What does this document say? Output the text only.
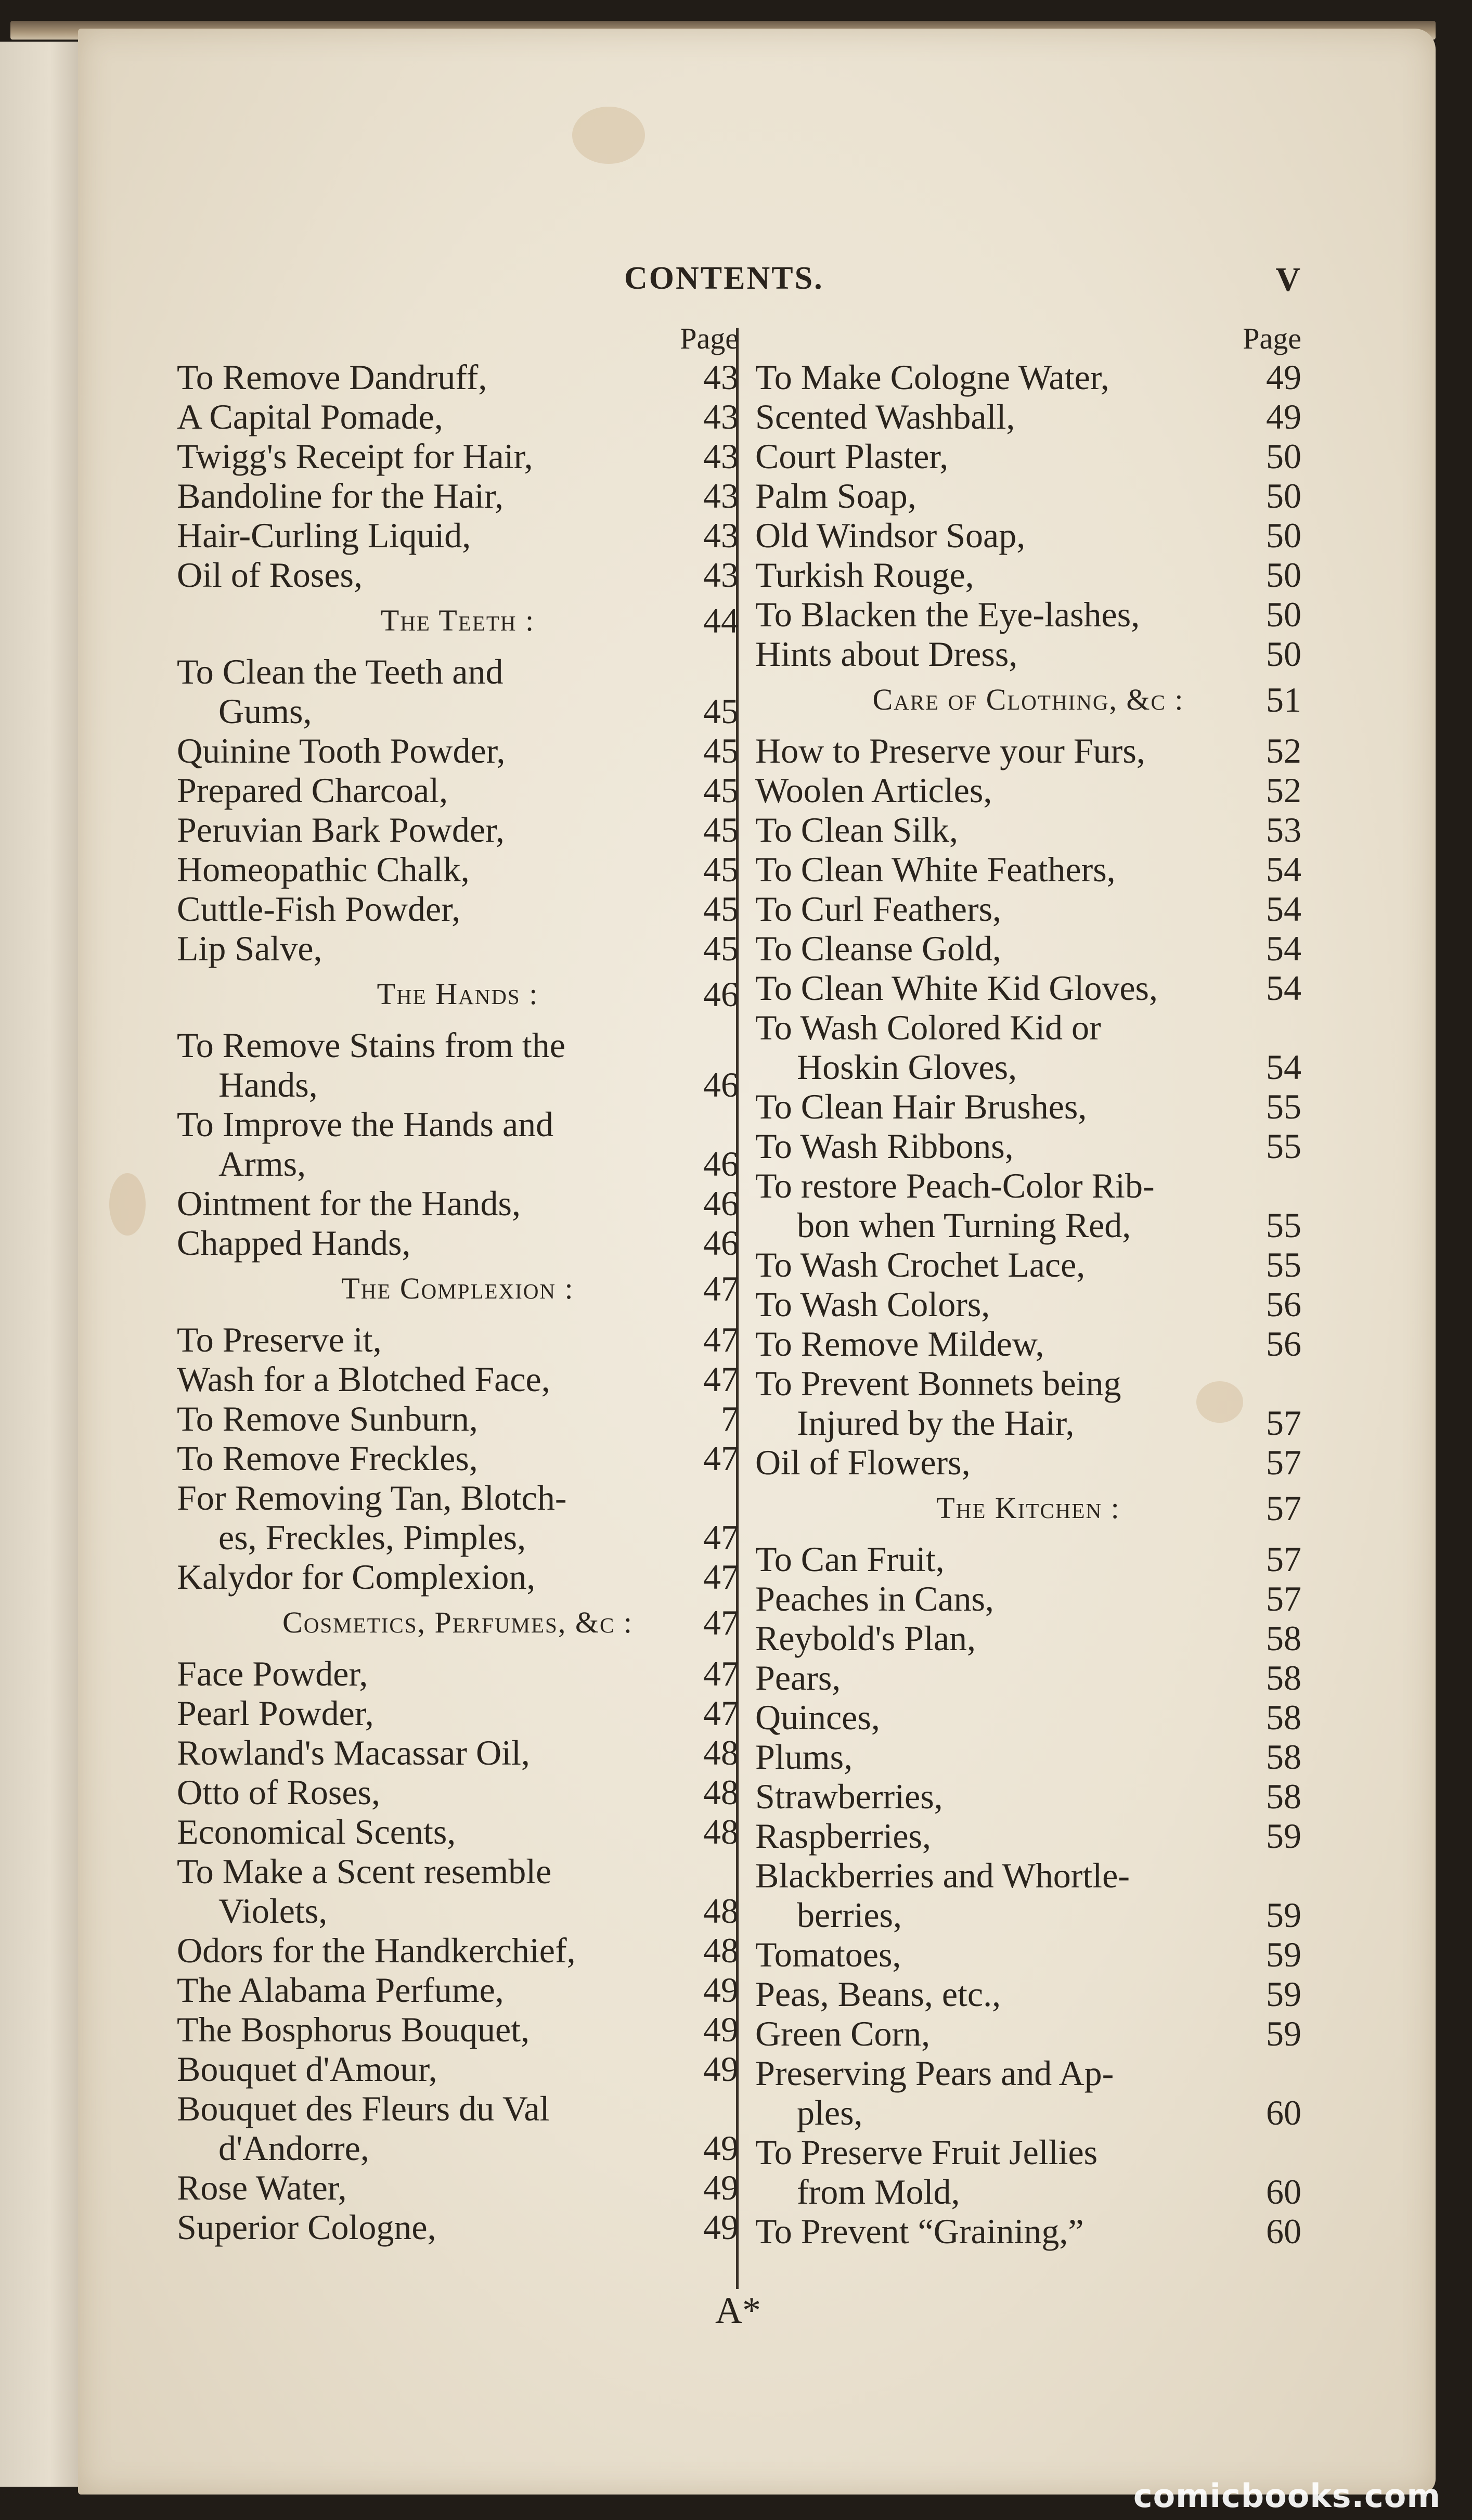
CONTENTS.	V
Page
To Remove Dandruff,	43
A Capital Pomade,	43
Twigg's Receipt for Hair,	43
Bandoline for the Hair,	43
Hair-Curling Liquid,	43
Oil of Roses,	43
The Teeth :	44
To Clean the Teeth and
Gums,	45
Quinine Tooth Powder,	45
Prepared Charcoal,	45
Peruvian Bark Powder,	45
Homeopathic Chalk,	45
Cuttle-Fish Powder,	45
Lip Salve,	45
The Hands :	46
To Remove Stains from the
Hands,	46
To Improve the Hands and
Arms,	46
Ointment for the Hands,	46
Chapped Hands,	46
The Complexion :	47
To Preserve it,	47
Wash for a Blotched Face,	47
To Remove Sunburn,	7
To Remove Freckles,	47
For Removing Tan, Blotch-
es, Freckles, Pimples,	47
Kalydor for Complexion,	47
Cosmetics, Perfumes, &c : 47
Face Powder,	47
Pearl Powder,	47
Rowland's Macassar Oil,	48
Otto of Roses,	48
Economical Scents,	48
To Make a Scent resemble
Violets,	48
Odors for the Handkerchief,	48
The Alabama Perfume,	49
The Bosphorus Bouquet,	49
Bouquet d'Amour,	49
Bouquet des Fleurs du Val
d'Andorre,	49
Rose Water,	49
Superior Cologne,	49
Page
To Make Cologne Water,	49
Scented Washball,	49
Court Plaster,	50
Palm Soap,	50
Old Windsor Soap,	50
Turkish Rouge,	50
To Blacken the Eye-lashes,	50
Hints about Dress,	50
Care of Clothing, &c : 51
How to Preserve your Furs,	52
Woolen Articles,	52
To Clean Silk,	53
To Clean White Feathers,	54
To Curl Feathers,	54
To Cleanse Gold,	54
To Clean White Kid Gloves,	54
To Wash Colored Kid or
Hoskin Gloves,	54
To Clean Hair Brushes,	55
To Wash Ribbons,	55
To restore Peach-Color Rib-
bon when Turning Red,	55
To Wash Crochet Lace,	55
To Wash Colors,	56
To Remove Mildew,	56
To Prevent Bonnets being
Injured by the Hair,	57
Oil of Flowers,	57
The Kitchen :	57
To Can Fruit,	57
Peaches in Cans,	57
Reybold's Plan,	58
Pears,	58
Quinces,	58
Plums,	58
Strawberries,	58
Raspberries,	59
Blackberries and Whortle-
berries,	59
Tomatoes,	59
Peas, Beans, etc.,	59
Green Corn,	59
Preserving Pears and Ap-
ples,	60
To Preserve Fruit Jellies
from Mold,	60
To Prevent “Graining,”	60
A*
comicbooks.com
